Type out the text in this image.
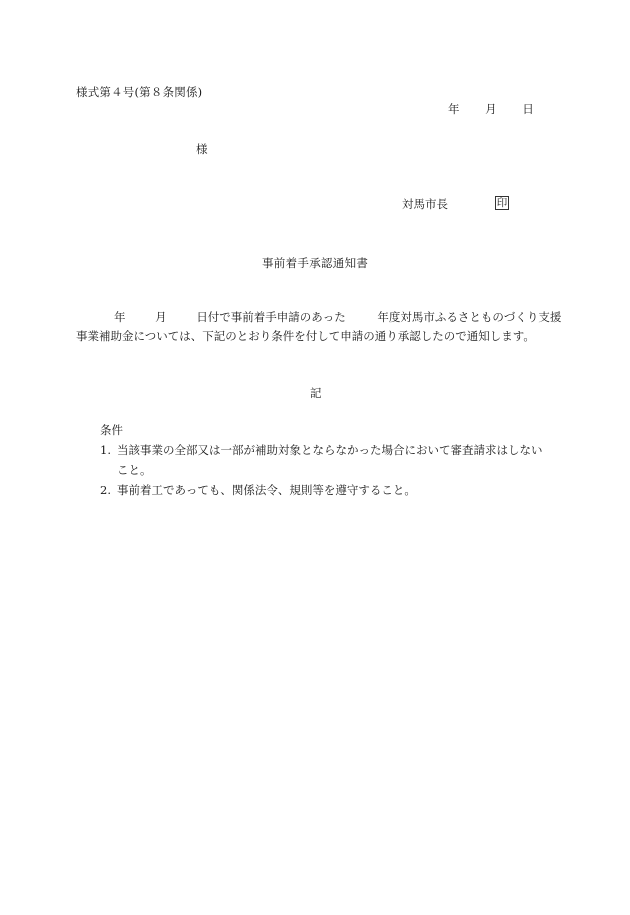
様式第４号(第８条関係)
年 月 日
様
対馬市長	印
事前着手承認通知書
年	月	日付で事前着手申請のあった	年度対馬市ふるさとものづくり支援
事業補助金については、下記のとおり条件を付して申請の通り承認したので通知します。
記
条件
1. 当該事業の全部又は一部が補助対象とならなかった場合において審査請求はしない
こと。
2. 事前着工であっても、関係法令、規則等を遵守すること。
